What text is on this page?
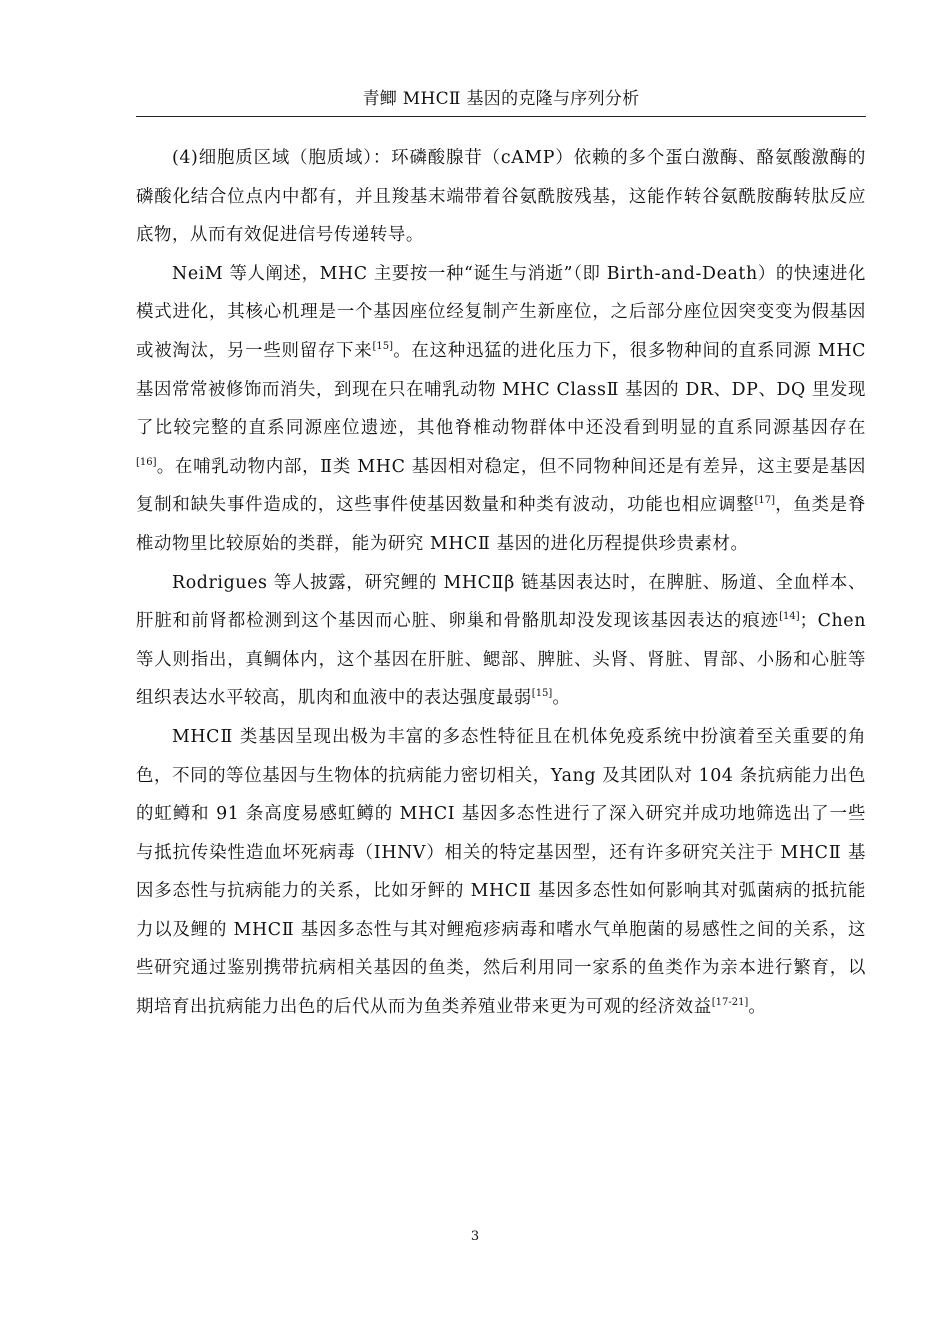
青鲫 MHCⅡ 基因的克隆与序列分析

(4)细胞质区域（胞质域）：环磷酸腺苷（cAMP）依赖的多个蛋白激酶、酪氨酸激酶的磷酸化结合位点内中都有，并且羧基末端带着谷氨酰胺残基，这能作转谷氨酰胺酶转肽反应底物，从而有效促进信号传递转导。

NeiM 等人阐述，MHC 主要按一种“诞生与消逝”（即 Birth-and-Death）的快速进化模式进化，其核心机理是一个基因座位经复制产生新座位，之后部分座位因突变变为假基因或被淘汰，另一些则留存下来[15]。在这种迅猛的进化压力下，很多物种间的直系同源 MHC 基因常常被修饰而消失，到现在只在哺乳动物 MHC ClassⅡ 基因的 DR、DP、DQ 里发现了比较完整的直系同源座位遗迹，其他脊椎动物群体中还没看到明显的直系同源基因存在[16]。在哺乳动物内部，Ⅱ类 MHC 基因相对稳定，但不同物种间还是有差异，这主要是基因复制和缺失事件造成的，这些事件使基因数量和种类有波动，功能也相应调整[17]，鱼类是脊椎动物里比较原始的类群，能为研究 MHCⅡ 基因的进化历程提供珍贵素材。

Rodrigues 等人披露，研究鲤的 MHCⅡβ 链基因表达时，在脾脏、肠道、全血样本、肝脏和前肾都检测到这个基因而心脏、卵巢和骨骼肌却没发现该基因表达的痕迹[14]；Chen 等人则指出，真鲷体内，这个基因在肝脏、鳃部、脾脏、头肾、肾脏、胃部、小肠和心脏等组织表达水平较高，肌肉和血液中的表达强度最弱[15]。

MHCⅡ 类基因呈现出极为丰富的多态性特征且在机体免疫系统中扮演着至关重要的角色，不同的等位基因与生物体的抗病能力密切相关，Yang 及其团队对 104 条抗病能力出色的虹鳟和 91 条高度易感虹鳟的 MHCI 基因多态性进行了深入研究并成功地筛选出了一些与抵抗传染性造血坏死病毒（IHNV）相关的特定基因型，还有许多研究关注于 MHCⅡ 基因多态性与抗病能力的关系，比如牙鲆的 MHCⅡ 基因多态性如何影响其对弧菌病的抵抗能力以及鲤的 MHCⅡ 基因多态性与其对鲤疱疹病毒和嗜水气单胞菌的易感性之间的关系，这些研究通过鉴别携带抗病相关基因的鱼类，然后利用同一家系的鱼类作为亲本进行繁育，以期培育出抗病能力出色的后代从而为鱼类养殖业带来更为可观的经济效益[17-21]。

3
